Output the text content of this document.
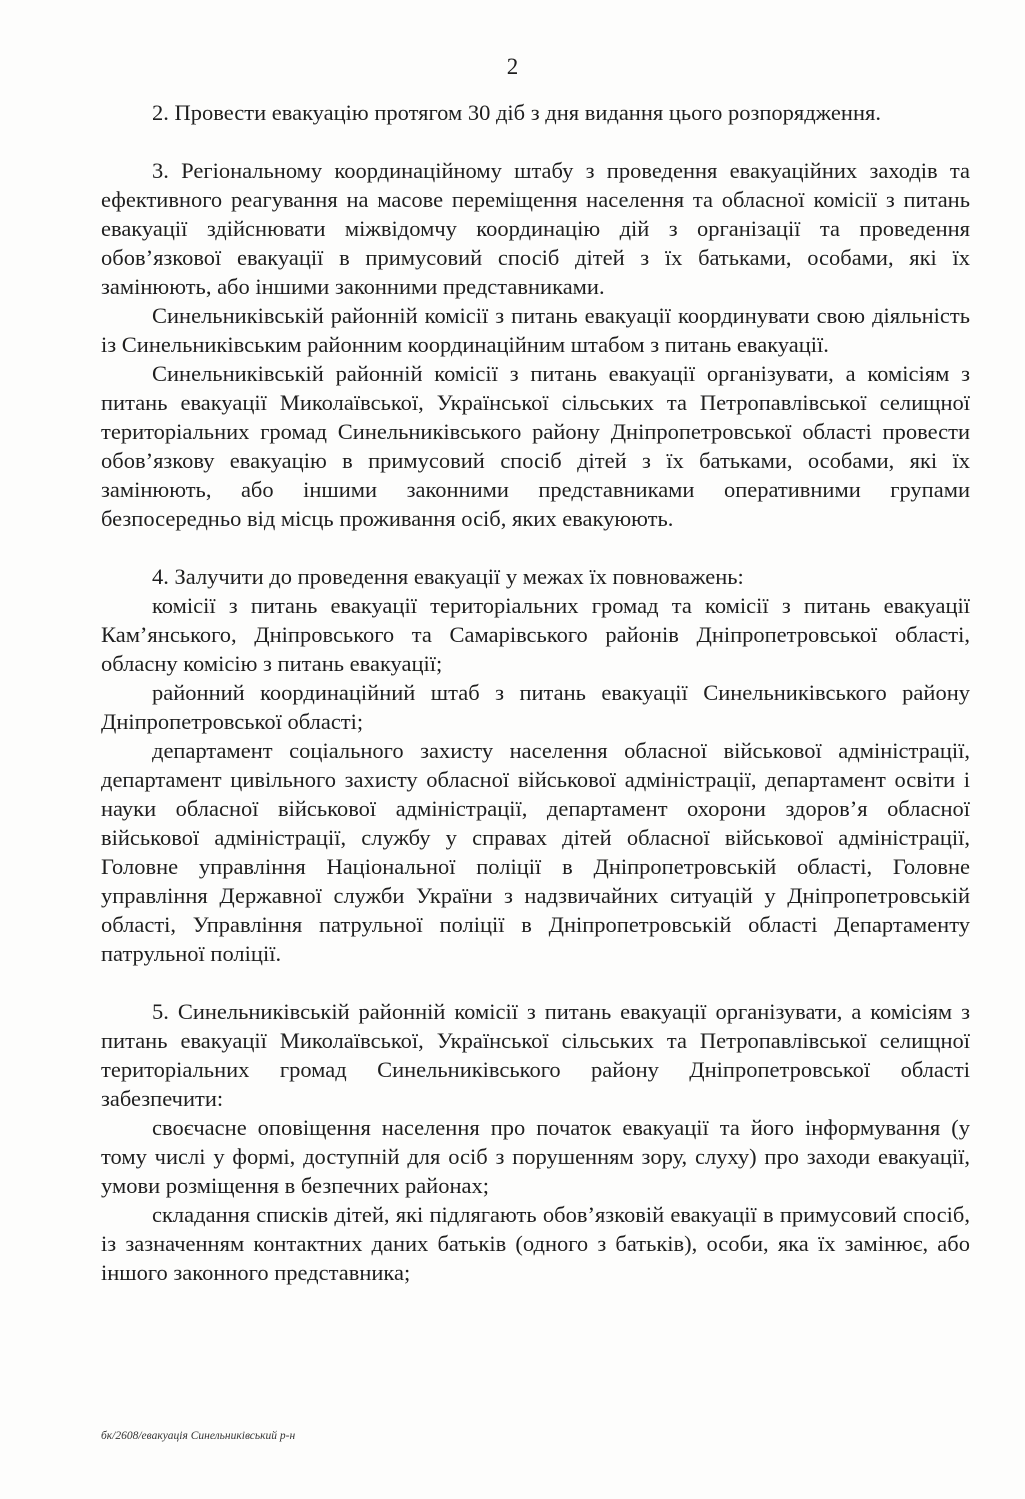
2

2. Провести евакуацію протягом 30 діб з дня видання цього розпорядження.

3. Регіональному координаційному штабу з проведення евакуаційних заходів та ефективного реагування на масове переміщення населення та обласної комісії з питань евакуації здійснювати міжвідомчу координацію дій з організації та проведення обов’язкової евакуації в примусовий спосіб дітей з їх батьками, особами, які їх замінюють, або іншими законними представниками.

Синельниківській районній комісії з питань евакуації координувати свою діяльність із Синельниківським районним координаційним штабом з питань евакуації.

Синельниківській районній комісії з питань евакуації організувати, а комісіям з питань евакуації Миколаївської, Української сільських та Петропавлівської селищної територіальних громад Синельниківського району Дніпропетровської області провести обов’язкову евакуацію в примусовий спосіб дітей з їх батьками, особами, які їх замінюють, або іншими законними представниками оперативними групами безпосередньо від місць проживання осіб, яких евакуюють.

4. Залучити до проведення евакуації у межах їх повноважень:

комісії з питань евакуації територіальних громад та комісії з питань евакуації Кам’янського, Дніпровського та Самарівського районів Дніпропетровської області, обласну комісію з питань евакуації;

районний координаційний штаб з питань евакуації Синельниківського району Дніпропетровської області;

департамент соціального захисту населення обласної військової адміністрації, департамент цивільного захисту обласної військової адміністрації, департамент освіти і науки обласної військової адміністрації, департамент охорони здоров’я обласної військової адміністрації, службу у справах дітей обласної військової адміністрації, Головне управління Національної поліції в Дніпропетровській області, Головне управління Державної служби України з надзвичайних ситуацій у Дніпропетровській області, Управління патрульної поліції в Дніпропетровській області Департаменту патрульної поліції.

5. Синельниківській районній комісії з питань евакуації організувати, а комісіям з питань евакуації Миколаївської, Української сільських та Петропавлівської селищної територіальних громад Синельниківського району Дніпропетровської області забезпечити:

своєчасне оповіщення населення про початок евакуації та його інформування (у тому числі у формі, доступній для осіб з порушенням зору, слуху) про заходи евакуації, умови розміщення в безпечних районах;

складання списків дітей, які підлягають обов’язковій евакуації в примусовий спосіб, із зазначенням контактних даних батьків (одного з батьків), особи, яка їх замінює, або іншого законного представника;

бк/2608/евакуація Синельниківський р-н
